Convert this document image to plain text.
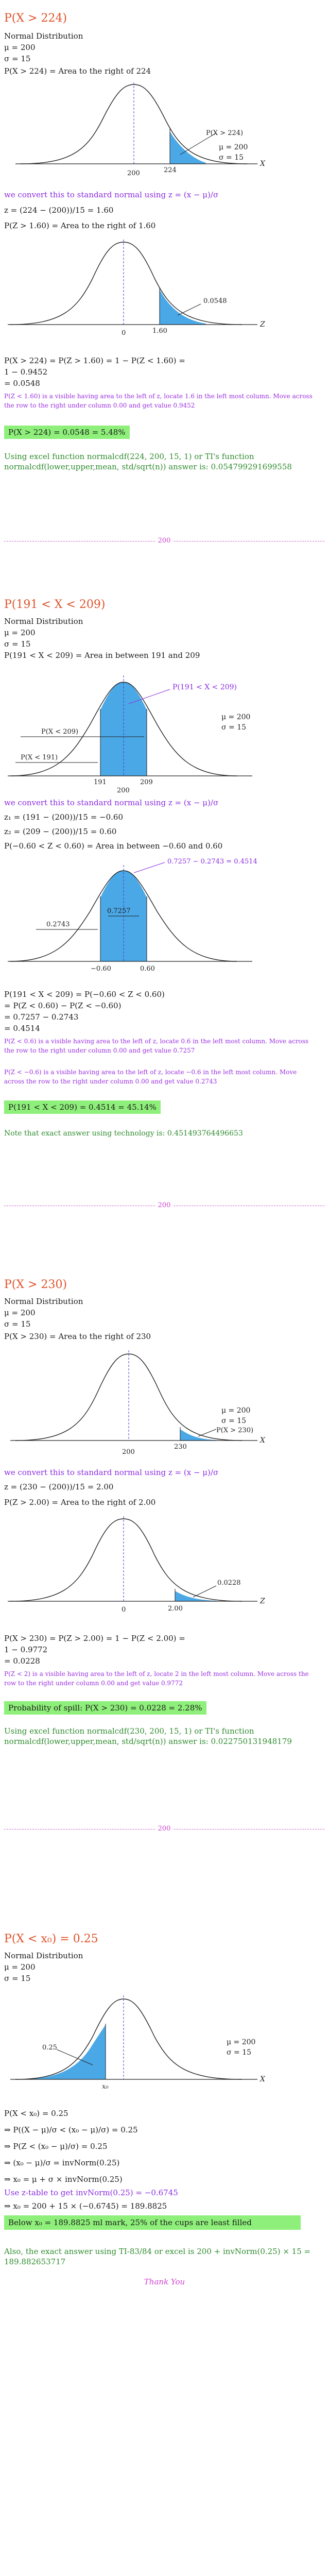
P(X > 224)
Normal Distribution
μ = 200
σ = 15
P(X > 224) = Area to the right of 224
μ = 200
σ = 15
P(X > 224)
200	224
X
we convert this to standard normal using z = (x − μ)/σ
z = (224 − (200))/15 = 1.60
P(Z > 1.60) = Area to the right of 1.60
0.0548
0	1.60
Z
P(X > 224) = P(Z > 1.60) = 1 − P(Z < 1.60) =
1 − 0.9452
= 0.0548
P(Z < 1.60) is a visible having area to the left of z, locate 1.6 in the left most column. Move across the row to the right under column 0.00 and get value 0.9452
P(X > 224) = 0.0548 = 5.48%
Using excel function normalcdf(224, 200, 15, 1) or TI's function normalcdf(lower,upper,mean, std/sqrt(n)) answer is: 0.054799291699558
200
P(191 < X < 209)
Normal Distribution
μ = 200
σ = 15
P(191 < X < 209) = Area in between 191 and 209
P(191 < X < 209)
P(X < 209)
P(X < 191)
μ = 200
σ = 15
191	209
200
we convert this to standard normal using z = (x − μ)/σ
z₁ = (191 − (200))/15 = −0.60
z₂ = (209 − (200))/15 = 0.60
P(−0.60 < Z < 0.60) = Area in between −0.60 and 0.60
0.7257 − 0.2743 = 0.4514
0.7257
0.2743
−0.60	0.60
P(191 < X < 209) = P(−0.60 < Z < 0.60)
= P(Z < 0.60) − P(Z < −0.60)
= 0.7257 − 0.2743
= 0.4514
P(Z < 0.6) is a visible having area to the left of z, locate 0.6 in the left most column. Move across the row to the right under column 0.00 and get value 0.7257
P(Z < −0.6) is a visible having area to the left of z, locate −0.6 in the left most column. Move across the row to the right under column 0.00 and get value 0.2743
P(191 < X < 209) = 0.4514 = 45.14%
Note that exact answer using technology is: 0.451493764496653
200
P(X > 230)
Normal Distribution
μ = 200
σ = 15
P(X > 230) = Area to the right of 230
μ = 200
σ = 15
P(X > 230)
200
230
X
we convert this to standard normal using z = (x − μ)/σ
z = (230 − (200))/15 = 2.00
P(Z > 2.00) = Area to the right of 2.00
0.0228
0	2.00
Z
P(X > 230) = P(Z > 2.00) = 1 − P(Z < 2.00) =
1 − 0.9772
= 0.0228
P(Z < 2) is a visible having area to the left of z, locate 2 in the left most column. Move across the row to the right under column 0.00 and get value 0.9772
Probability of spill: P(X > 230) = 0.0228 = 2.28%
Using excel function normalcdf(230, 200, 15, 1) or TI's function normalcdf(lower,upper,mean, std/sqrt(n)) answer is: 0.022750131948179
200
P(X < x₀) = 0.25
Normal Distribution
μ = 200
σ = 15
0.25
μ = 200
σ = 15
x₀
X
P(X < x₀) = 0.25
⇒ P((X − μ)/σ < (x₀ − μ)/σ) = 0.25
⇒ P(Z < (x₀ − μ)/σ) = 0.25
⇒ (x₀ − μ)/σ = invNorm(0.25)
⇒ x₀ = μ + σ × invNorm(0.25)
Use z-table to get invNorm(0.25) = −0.6745
⇒ x₀ = 200 + 15 × (−0.6745) = 189.8825
Below x₀ = 189.8825 ml mark, 25% of the cups are least filled
Also, the exact answer using TI-83/84 or excel is 200 + invNorm(0.25) × 15 = 189.882653717
Thank You
